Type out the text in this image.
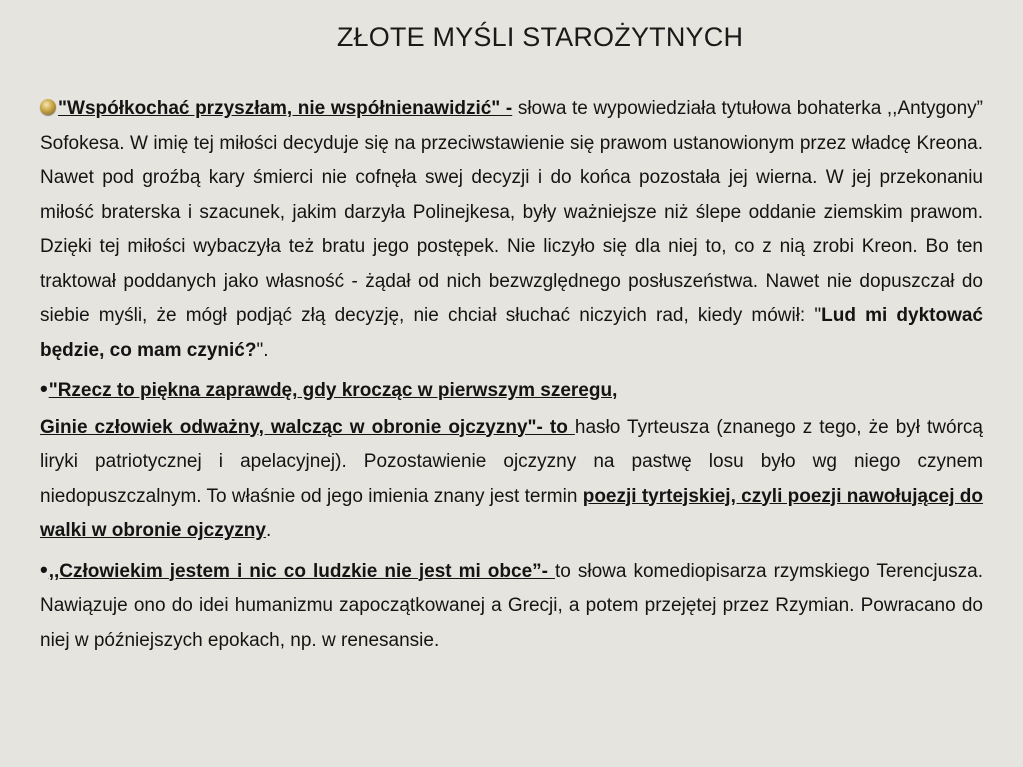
ZŁOTE MYŚLI STAROŻYTNYCH

"Współkochać przyszłam, nie współnienawidzić" - słowa te wypowiedziała tytułowa bohaterka ,,Antygony” Sofokesa. W imię tej miłości decyduje się na przeciwstawienie się prawom ustanowionym przez władcę Kreona. Nawet pod groźbą kary śmierci nie cofnęła swej decyzji i do końca pozostała jej wierna. W jej przekonaniu miłość braterska i szacunek, jakim darzyła Polinejkesa, były ważniejsze niż ślepe oddanie ziemskim prawom. Dzięki tej miłości wybaczyła też bratu jego postępek. Nie liczyło się dla niej to, co z nią zrobi Kreon. Bo ten traktował poddanych jako własność - żądał od nich bezwzględnego posłuszeństwa. Nawet nie dopuszczał do siebie myśli, że mógł podjąć złą decyzję, nie chciał słuchać niczyich rad, kiedy mówił: "Lud mi dyktować będzie, co mam czynić?".

•"Rzecz to piękna zaprawdę, gdy krocząc w pierwszym szeregu,

Ginie człowiek odważny, walcząc w obronie ojczyzny"- to hasło Tyrteusza (znanego z tego, że był twórcą liryki patriotycznej i apelacyjnej). Pozostawienie ojczyzny na pastwę losu było wg niego czynem niedopuszczalnym. To właśnie od jego imienia znany jest termin poezji tyrtejskiej, czyli poezji nawołującej do walki w obronie ojczyzny.

•,,Człowiekim jestem i nic co ludzkie nie jest mi obce”- to słowa komediopisarza rzymskiego Terencjusza. Nawiązuje ono do idei humanizmu zapoczątkowanej a Grecji, a potem przejętej przez Rzymian. Powracano do niej w późniejszych epokach, np. w renesansie.
